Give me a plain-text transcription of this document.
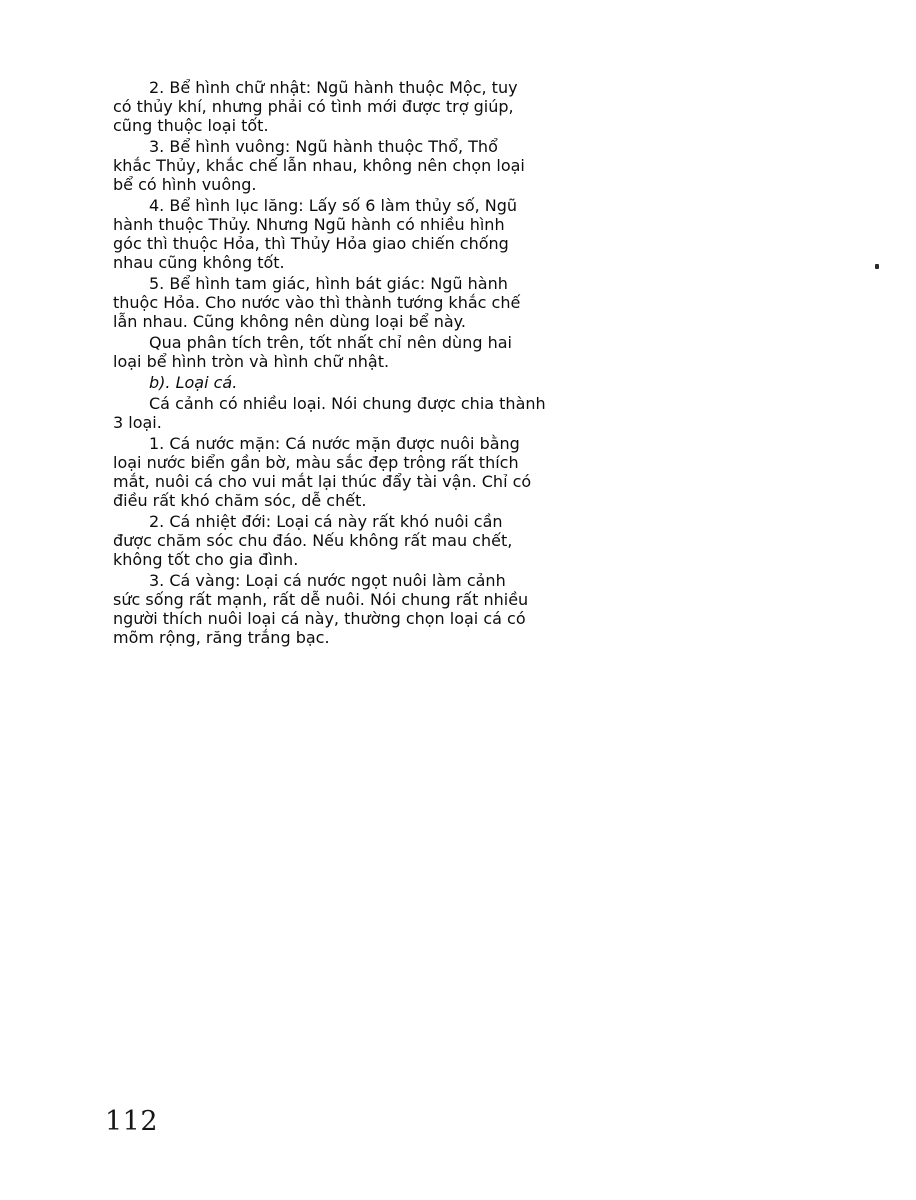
2. Bể hình chữ nhật: Ngũ hành thuộc Mộc, tuy
có thủy khí, nhưng phải có tình mới được trợ giúp,
cũng thuộc loại tốt.
3. Bể hình vuông: Ngũ hành thuộc Thổ, Thổ
khắc Thủy, khắc chế lẫn nhau, không nên chọn loại
bể có hình vuông.
4. Bể hình lục lăng: Lấy số 6 làm thủy số, Ngũ
hành thuộc Thủy. Nhưng Ngũ hành có nhiều hình
góc thì thuộc Hỏa, thì Thủy Hỏa giao chiến chống
nhau cũng không tốt.
5. Bể hình tam giác, hình bát giác: Ngũ hành
thuộc Hỏa. Cho nước vào thì thành tướng khắc chế
lẫn nhau. Cũng không nên dùng loại bể này.
Qua phân tích trên, tốt nhất chỉ nên dùng hai
loại bể hình tròn và hình chữ nhật.
b). Loại cá.
Cá cảnh có nhiều loại. Nói chung được chia thành
3 loại.
1. Cá nước mặn: Cá nước mặn được nuôi bằng
loại nước biển gần bờ, màu sắc đẹp trông rất thích
mắt, nuôi cá cho vui mắt lại thúc đẩy tài vận. Chỉ có
điều rất khó chăm sóc, dễ chết.
2. Cá nhiệt đới: Loại cá này rất khó nuôi cần
được chăm sóc chu đáo. Nếu không rất mau chết,
không tốt cho gia đình.
3. Cá vàng: Loại cá nước ngọt nuôi làm cảnh
sức sống rất mạnh, rất dễ nuôi. Nói chung rất nhiều
người thích nuôi loại cá này, thường chọn loại cá có
mõm rộng, răng trắng bạc.
112
